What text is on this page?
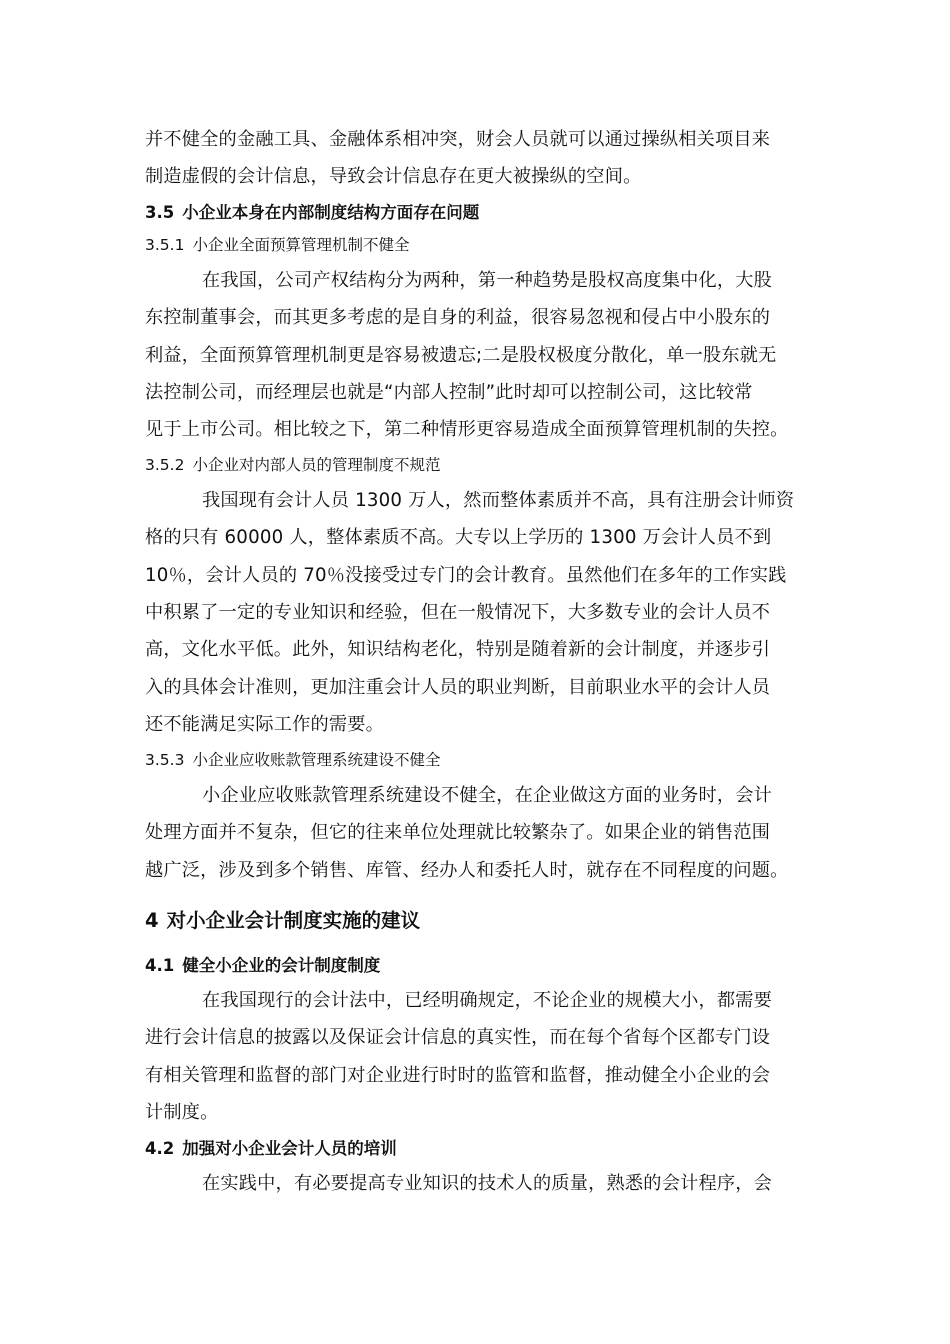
并不健全的金融工具、金融体系相冲突，财会人员就可以通过操纵相关项目来
制造虚假的会计信息，导致会计信息存在更大被操纵的空间。
3.5 小企业本身在内部制度结构方面存在问题
3.5.1 小企业全面预算管理机制不健全
在我国，公司产权结构分为两种，第一种趋势是股权高度集中化，大股
东控制董事会，而其更多考虑的是自身的利益，很容易忽视和侵占中小股东的
利益，全面预算管理机制更是容易被遗忘;二是股权极度分散化，单一股东就无
法控制公司，而经理层也就是“内部人控制”此时却可以控制公司，这比较常
见于上市公司。相比较之下，第二种情形更容易造成全面预算管理机制的失控。
3.5.2 小企业对内部人员的管理制度不规范
我国现有会计人员 1300 万人，然而整体素质并不高，具有注册会计师资
格的只有 60000 人，整体素质不高。大专以上学历的 1300 万会计人员不到
10％，会计人员的 70％没接受过专门的会计教育。虽然他们在多年的工作实践
中积累了一定的专业知识和经验，但在一般情况下，大多数专业的会计人员不
高，文化水平低。此外，知识结构老化，特别是随着新的会计制度，并逐步引
入的具体会计准则，更加注重会计人员的职业判断，目前职业水平的会计人员
还不能满足实际工作的需要。
3.5.3 小企业应收账款管理系统建设不健全
小企业应收账款管理系统建设不健全，在企业做这方面的业务时，会计
处理方面并不复杂，但它的往来单位处理就比较繁杂了。如果企业的销售范围
越广泛，涉及到多个销售、库管、经办人和委托人时，就存在不同程度的问题。
4 对小企业会计制度实施的建议
4.1 健全小企业的会计制度制度
在我国现行的会计法中，已经明确规定，不论企业的规模大小，都需要
进行会计信息的披露以及保证会计信息的真实性，而在每个省每个区都专门设
有相关管理和监督的部门对企业进行时时的监管和监督，推动健全小企业的会
计制度。
4.2 加强对小企业会计人员的培训
在实践中，有必要提高专业知识的技术人的质量，熟悉的会计程序，会
